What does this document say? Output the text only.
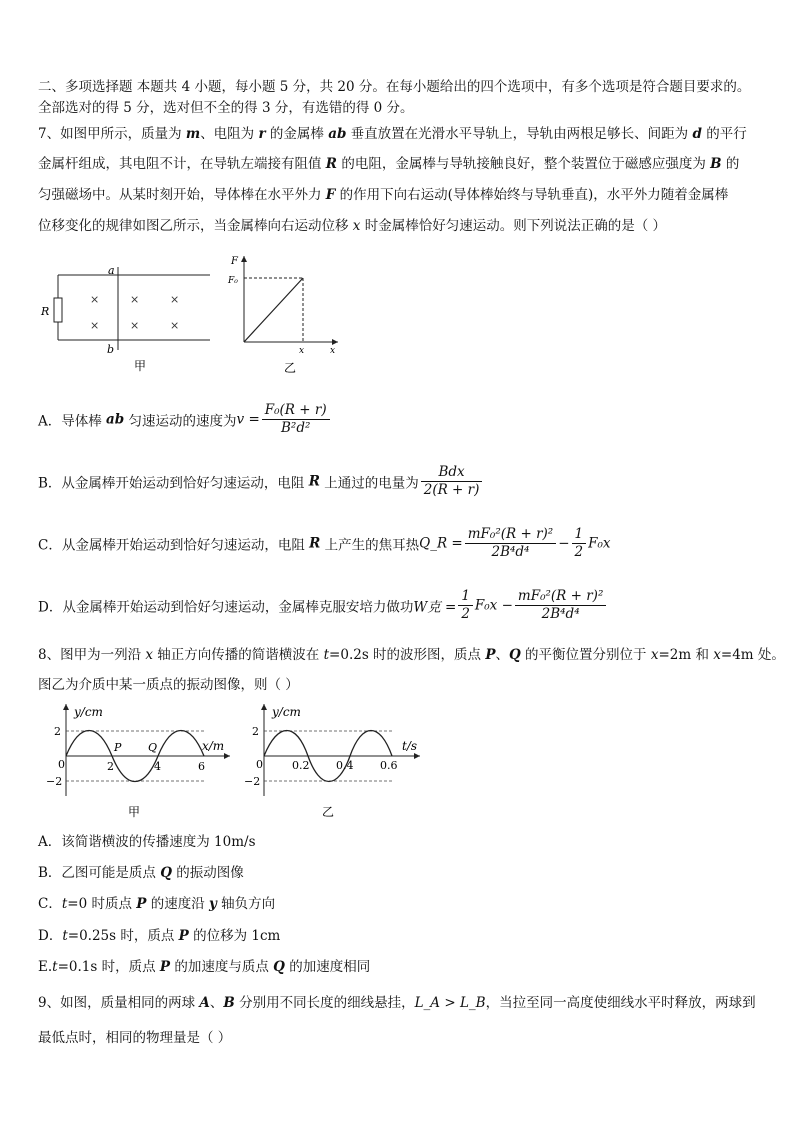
二、多项选择题 本题共 4 小题，每小题 5 分，共 20 分。在每小题给出的四个选项中，有多个选项是符合题目要求的。
全部选对的得 5 分，选对但不全的得 3 分，有选错的得 0 分。
7、如图甲所示，质量为 m、电阻为 r 的金属棒 ab 垂直放置在光滑水平导轨上，导轨由两根足够长、间距为 d 的平行
金属杆组成，其电阻不计，在导轨左端接有阻值 R 的电阻，金属棒与导轨接触良好，整个装置位于磁感应强度为 B 的
匀强磁场中。从某时刻开始，导体棒在水平外力 F 的作用下向右运动(导体棒始终与导轨垂直)，水平外力随着金属棒
位移变化的规律如图乙所示，当金属棒向右运动位移 x 时金属棒恰好匀速运动。则下列说法正确的是（ ）
R
a
b
×	×	×
×	×	×
甲
F
F₀
x	x
乙
A．导体棒 ab 匀速运动的速度为$v = \frac{\text{F₀(R + r)}}{\text{B²d²}}$
B．从金属棒开始运动到恰好匀速运动，电阻 R 上通过的电量为 $\frac{\text{Bdx}}{2(R + r)}$
C．从金属棒开始运动到恰好匀速运动，电阻 R 上产生的焦耳热Q_R = $\frac{\text{mF₀²(R + r)²}}{\text{2B⁴d⁴}} - \frac{1}{2} F_0x$
D．从金属棒开始运动到恰好匀速运动，金属棒克服安培力做功W克 = $\frac{1}{2} F_0x - \frac{\text{mF₀²(R + r)²}}{\text{2B⁴d⁴}}$
8、图甲为一列沿 x 轴正方向传播的简谐横波在 t=0.2s 时的波形图，质点 P、Q 的平衡位置分别位于 x=2m 和 x=4m 处。
图乙为介质中某一质点的振动图像，则（ ）
y/cm
x/m
2
−2
0	2	4	6
P Q
甲
y/cm
t/s
2
−2
0	0.2 0.4 0.6
乙
A．该简谐横波的传播速度为 10m/s
B．乙图可能是质点 Q 的振动图像
C．t=0 时质点 P 的速度沿 y 轴负方向
D．t=0.25s 时，质点 P 的位移为 1cm
E.t=0.1s 时，质点 P 的加速度与质点 Q 的加速度相同
9、如图，质量相同的两球 A、B 分别用不同长度的细线悬挂，L_A > L_B，当拉至同一高度使细线水平时释放，两球到
最低点时，相同的物理量是（ ）
